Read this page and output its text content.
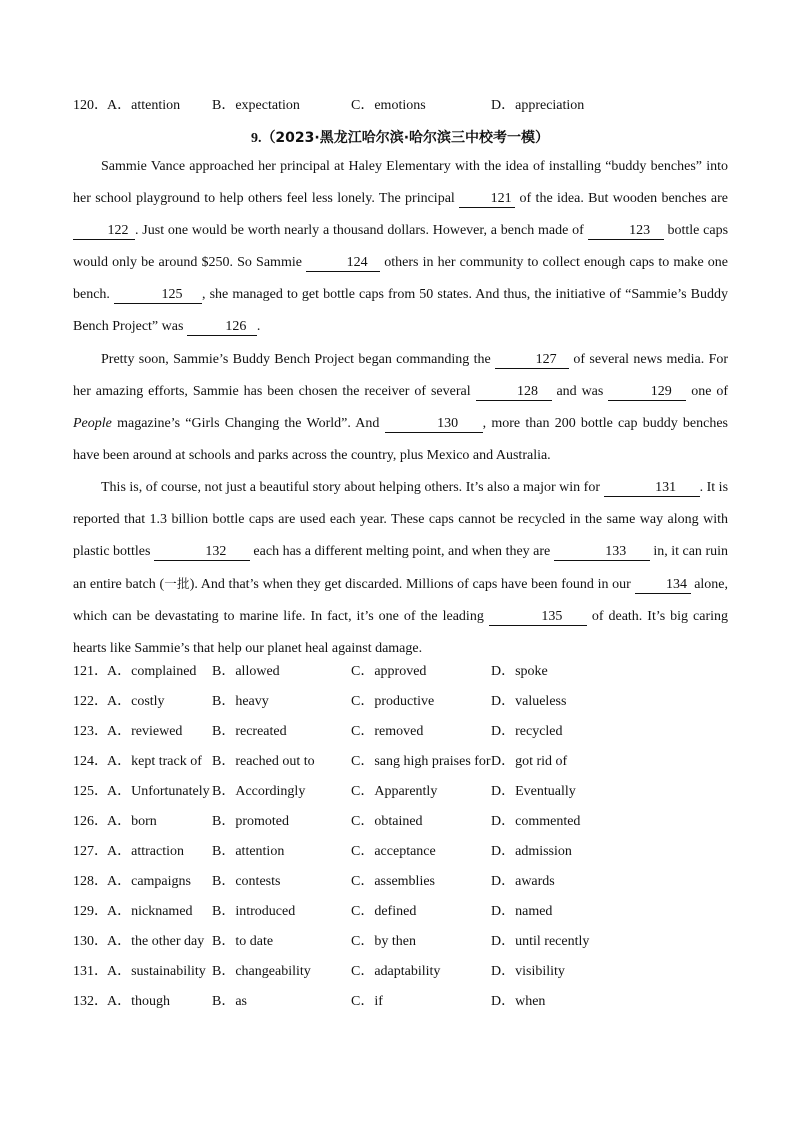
120． A．attention B．expectation	C．emotions	D．appreciation
9.（2023·黑龙江哈尔滨·哈尔滨三中校考一模）

Sammie Vance approached her principal at Haley Elementary with the idea of installing “buddy benches” into her school playground to help others feel less lonely. The principal	121 of the idea. But wooden benches are 122 . Just one would be worth nearly a thousand dollars. However, a bench made of	123 bottle caps would only be around $250. So Sammie	124 others in her community to collect enough caps to make one bench.	125 , she managed to get bottle caps from 50 states. And thus, the initiative of “Sammie’s Buddy Bench Project” was	126 .

Pretty soon, Sammie’s Buddy Bench Project began commanding the	127 of several news media. For her amazing efforts, Sammie has been chosen the receiver of several	128 and was	129 one of People magazine’s “Girls Changing the World”. And	130 , more than 200 bottle cap buddy benches have been around at schools and parks across the country, plus Mexico and Australia.

This is, of course, not just a beautiful story about helping others. It’s also a major win for	131 . It is reported that 1.3 billion bottle caps are used each year. These caps cannot be recycled in the same way along with plastic bottles	132 each has a different melting point, and when they are	133 in, it can ruin an entire batch (一批). And that’s when they get discarded. Millions of caps have been found in our	134 alone, which can be devastating to marine life. In fact, it’s one of the leading	135 of death. It’s big caring hearts like Sammie’s that help our planet heal against damage.

121． A．complained B．allowed	C．approved	D．spoke
122． A．costly	B．heavy	C．productive	D．valueless
123． A．reviewed B．recreated	C．removed	D．recycled
124． A．kept track of B．reached out to	C．sang high praises for D．got rid of
125． A．Unfortunately B．Accordingly	C．Apparently	D．Eventually
126． A．born	B．promoted	C．obtained	D．commented
127． A．attraction B．attention	C．acceptance	D．admission
128． A．campaigns B．contests	C．assemblies	D．awards
129． A．nicknamed B．introduced	C．defined	D．named
130． A．the other day B．to date	C．by then	D．until recently
131． A．sustainability B．changeability	C．adaptability	D．visibility
132． A．though	B．as	C．if	D．when
